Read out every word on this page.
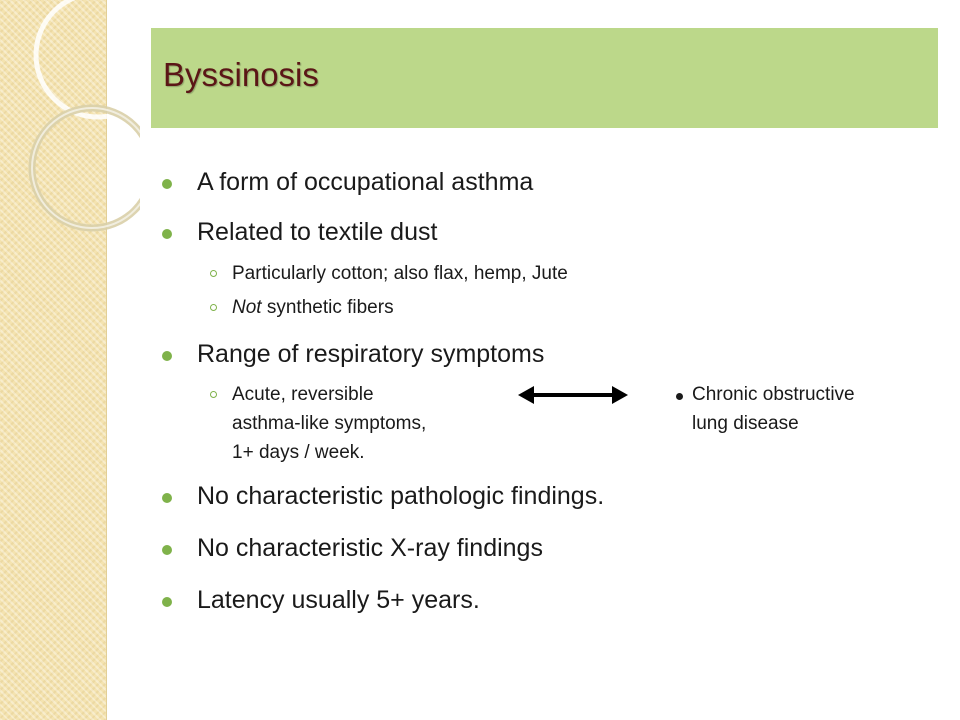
Byssinosis
A form of occupational asthma
Related to textile dust
Particularly cotton; also flax, hemp, Jute
Not synthetic fibers
Range of respiratory symptoms
Acute, reversible
asthma-like symptoms,
1+ days / week.
Chronic obstructive
lung disease
No characteristic pathologic findings.
No characteristic X-ray findings
Latency usually 5+ years.
